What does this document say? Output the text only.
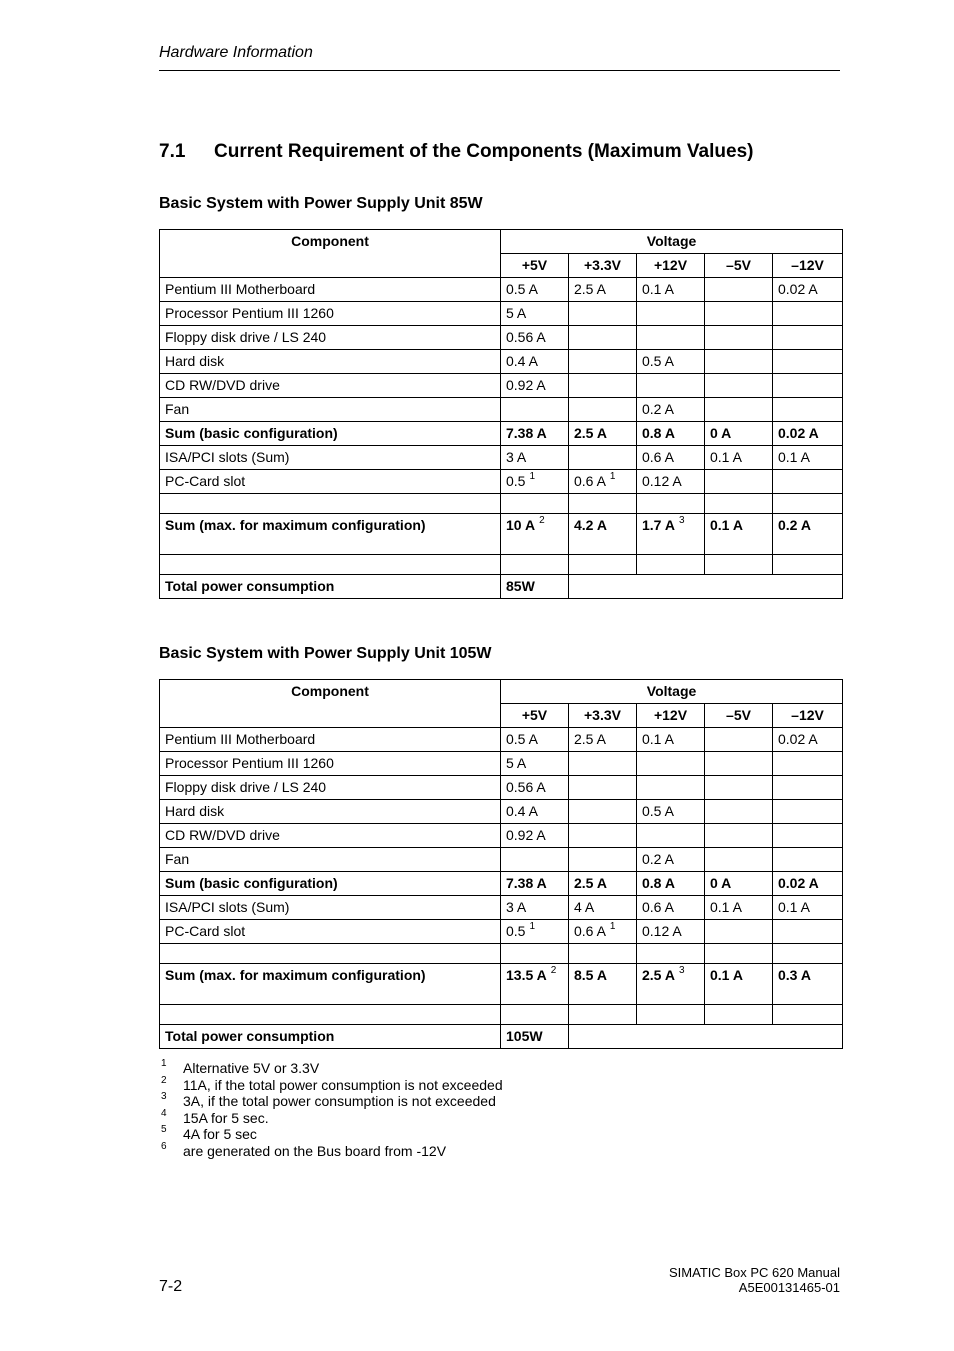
Hardware Information
7.1 Current Requirement of the Components (Maximum Values)
Basic System with Power Supply Unit 85W
Component	Voltage				
	+5V	+3.3V	+12V	–5V	–12V
Pentium III Motherboard	0.5 A	2.5 A	0.1 A		0.02 A
Processor Pentium III 1260	5 A				
Floppy disk drive / LS 240	0.56 A				
Hard disk	0.4 A		0.5 A		
CD RW/DVD drive	0.92 A				
Fan			0.2 A		
Sum (basic configuration)	7.38 A	2.5 A	0.8 A	0 A	0.02 A
ISA/PCI slots (Sum)	3 A		0.6 A	0.1 A	0.1 A
PC-Card slot	0.5 $^1$	0.6 A $^1$	0.12 A		

Sum (max. for maximum configuration)	10 A $^2$	4.2 A	1.7 A $^3$	0.1 A	0.2 A

Total power consumption	85W				
Basic System with Power Supply Unit 105W
Component	Voltage				
	+5V	+3.3V	+12V	–5V	–12V
Pentium III Motherboard	0.5 A	2.5 A	0.1 A		0.02 A
Processor Pentium III 1260	5 A				
Floppy disk drive / LS 240	0.56 A				
Hard disk	0.4 A		0.5 A		
CD RW/DVD drive	0.92 A				
Fan			0.2 A		
Sum (basic configuration)	7.38 A	2.5 A	0.8 A	0 A	0.02 A
ISA/PCI slots (Sum)	3 A	4 A	0.6 A	0.1 A	0.1 A
PC-Card slot	0.5 $^1$	0.6 A $^1$	0.12 A		

Sum (max. for maximum configuration)	13.5 A $^2$	8.5 A	2.5 A $^3$	0.1 A	0.3 A

Total power consumption	105W				
1 Alternative 5V or 3.3V
2 11A, if the total power consumption is not exceeded
3 3A, if the total power consumption is not exceeded
4 15A for 5 sec.
5 4A for 5 sec
6 are generated on the Bus board from -12V
7-2
SIMATIC Box PC 620 Manual
A5E00131465-01
